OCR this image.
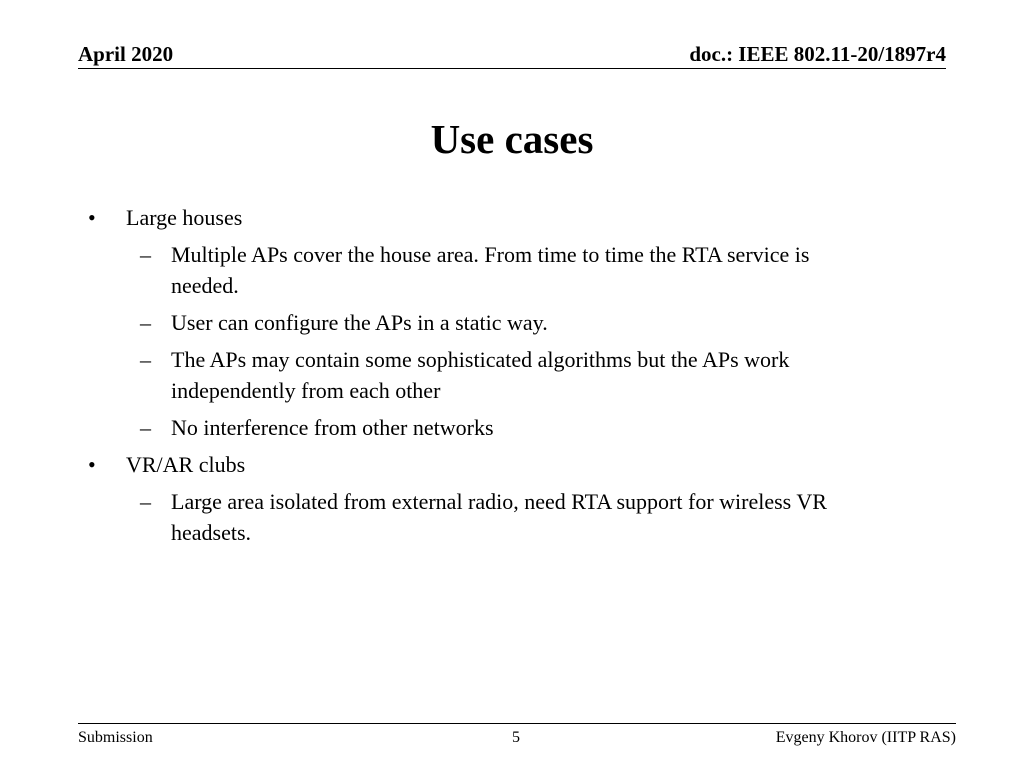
April 2020	doc.: IEEE 802.11-20/1897r4
Use cases
• Large houses
– Multiple APs cover the house area. From time to time the RTA service is needed.
– User can configure the APs in a static way.
– The APs may contain some sophisticated algorithms but the APs work independently from each other
– No interference from other networks
• VR/AR clubs
– Large area isolated from external radio, need RTA support for wireless VR headsets.
Submission	5	Evgeny Khorov (IITP RAS)
